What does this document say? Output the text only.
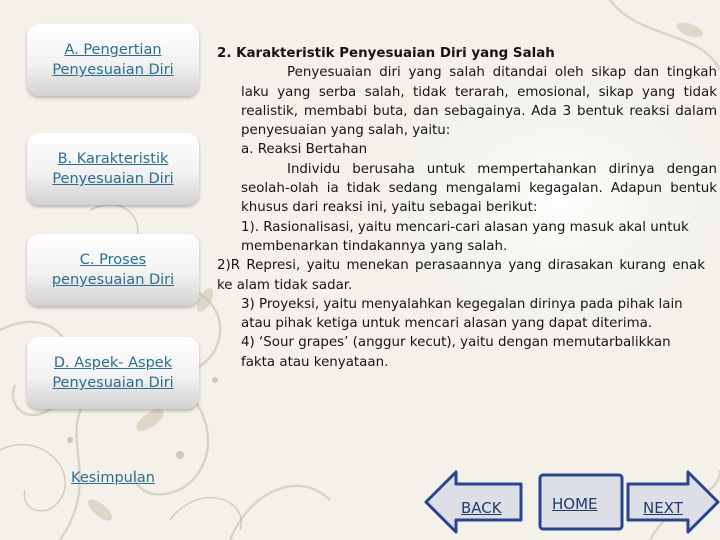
A. Pengertian
Penyesuaian Diri
B. Karakteristik
Penyesuaian Diri
C. Proses
penyesuaian Diri
D. Aspek- Aspek
Penyesuaian Diri
Kesimpulan

2. Karakteristik Penyesuaian Diri yang Salah

Penyesuaian diri yang salah ditandai oleh sikap dan tingkah laku yang serba salah, tidak terarah, emosional, sikap yang tidak realistik, membabi buta, dan sebagainya. Ada 3 bentuk reaksi dalam penyesuaian yang salah, yaitu:

a. Reaksi Bertahan

Individu berusaha untuk mempertahankan dirinya dengan seolah-olah ia tidak sedang mengalami kegagalan. Adapun bentuk khusus dari reaksi ini, yaitu sebagai berikut:

1). Rasionalisasi, yaitu mencari-cari alasan yang masuk akal untuk membenarkan tindakannya yang salah.

2)R Represi, yaitu menekan perasaannya yang dirasakan kurang enak ke alam tidak sadar.

3) Proyeksi, yaitu menyalahkan kegegalan dirinya pada pihak lain atau pihak ketiga untuk mencari alasan yang dapat diterima.

4) ‘Sour grapes’ (anggur kecut), yaitu dengan memutarbalikkan fakta atau kenyataan.

BACK	HOME	NEXT
